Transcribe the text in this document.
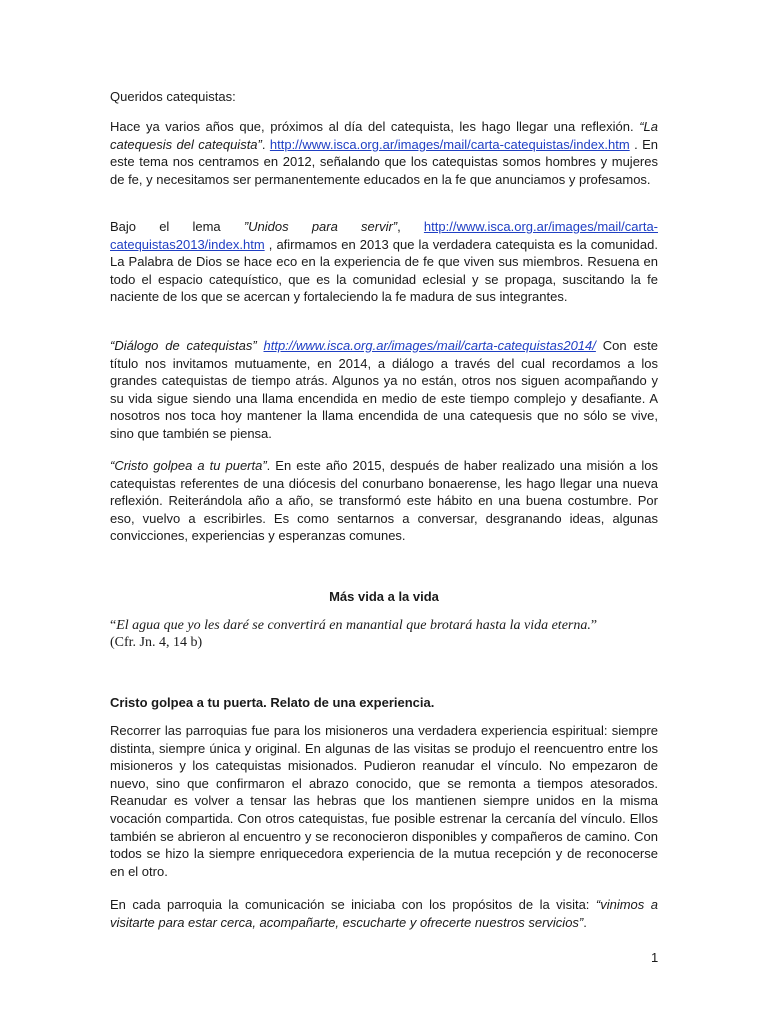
Queridos catequistas:

Hace ya varios años que, próximos al día del catequista, les hago llegar una reflexión. “La catequesis del catequista”. http://www.isca.org.ar/images/mail/carta-catequistas/index.htm . En este tema nos centramos en 2012, señalando que los catequistas somos hombres y mujeres de fe, y necesitamos ser permanentemente educados en la fe que anunciamos y profesamos.

Bajo el lema ”Unidos para servir”, http://www.isca.org.ar/images/mail/carta-catequistas2013/index.htm , afirmamos en 2013 que la verdadera catequista es la comunidad. La Palabra de Dios se hace eco en la experiencia de fe que viven sus miembros. Resuena en todo el espacio catequístico, que es la comunidad eclesial y se propaga, suscitando la fe naciente de los que se acercan y fortaleciendo la fe madura de sus integrantes.

“Diálogo de catequistas” http://www.isca.org.ar/images/mail/carta-catequistas2014/ Con este título nos invitamos mutuamente, en 2014, a diálogo a través del cual recordamos a los grandes catequistas de tiempo atrás. Algunos ya no están, otros nos siguen acompañando y su vida sigue siendo una llama encendida en medio de este tiempo complejo y desafiante. A nosotros nos toca hoy mantener la llama encendida de una catequesis que no sólo se vive, sino que también se piensa.

“Cristo golpea a tu puerta”. En este año 2015, después de haber realizado una misión a los catequistas referentes de una diócesis del conurbano bonaerense, les hago llegar una nueva reflexión. Reiterándola año a año, se transformó este hábito en una buena costumbre. Por eso, vuelvo a escribirles. Es como sentarnos a conversar, desgranando ideas, algunas convicciones, experiencias y esperanzas comunes.

Más vida a la vida
“El agua que yo les daré se convertirá en manantial que brotará hasta la vida eterna.”
(Cfr. Jn. 4, 14 b)
Cristo golpea a tu puerta. Relato de una experiencia.

Recorrer las parroquias fue para los misioneros una verdadera experiencia espiritual: siempre distinta, siempre única y original. En algunas de las visitas se produjo el reencuentro entre los misioneros y los catequistas misionados. Pudieron reanudar el vínculo. No empezaron de nuevo, sino que confirmaron el abrazo conocido, que se remonta a tiempos atesorados. Reanudar es volver a tensar las hebras que los mantienen siempre unidos en la misma vocación compartida. Con otros catequistas, fue posible estrenar la cercanía del vínculo. Ellos también se abrieron al encuentro y se reconocieron disponibles y compañeros de camino. Con todos se hizo la siempre enriquecedora experiencia de la mutua recepción y de reconocerse en el otro.

En cada parroquia la comunicación se iniciaba con los propósitos de la visita: “vinimos a visitarte para estar cerca, acompañarte, escucharte y ofrecerte nuestros servicios”.

1
